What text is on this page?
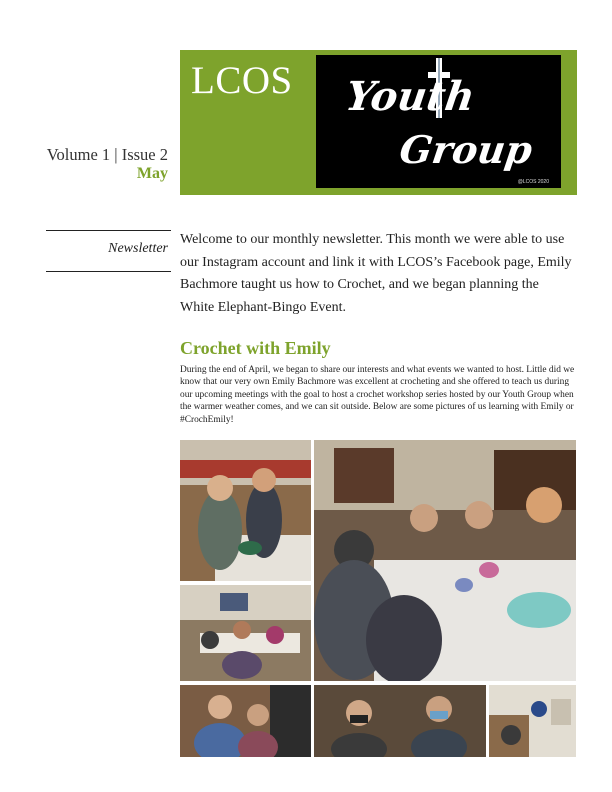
LCOS Youth
Group
@LCOS 2020
Volume 1 | Issue 2
May
Newsletter
Welcome to our monthly newsletter. This month we were able to use our Instagram account and link it with LCOS’s Facebook page, Emily Bachmore taught us how to Crochet, and we began planning the White Elephant-Bingo Event.
Crochet with Emily
During the end of April, we began to share our interests and what events we wanted to host. Little did we know that our very own Emily Bachmore was excellent at crocheting and she offered to teach us during our upcoming meetings with the goal to host a crochet workshop series hosted by our Youth Group when the warmer weather comes, and we can sit outside. Below are some pictures of us learning with Emily or #CrochEmily!
